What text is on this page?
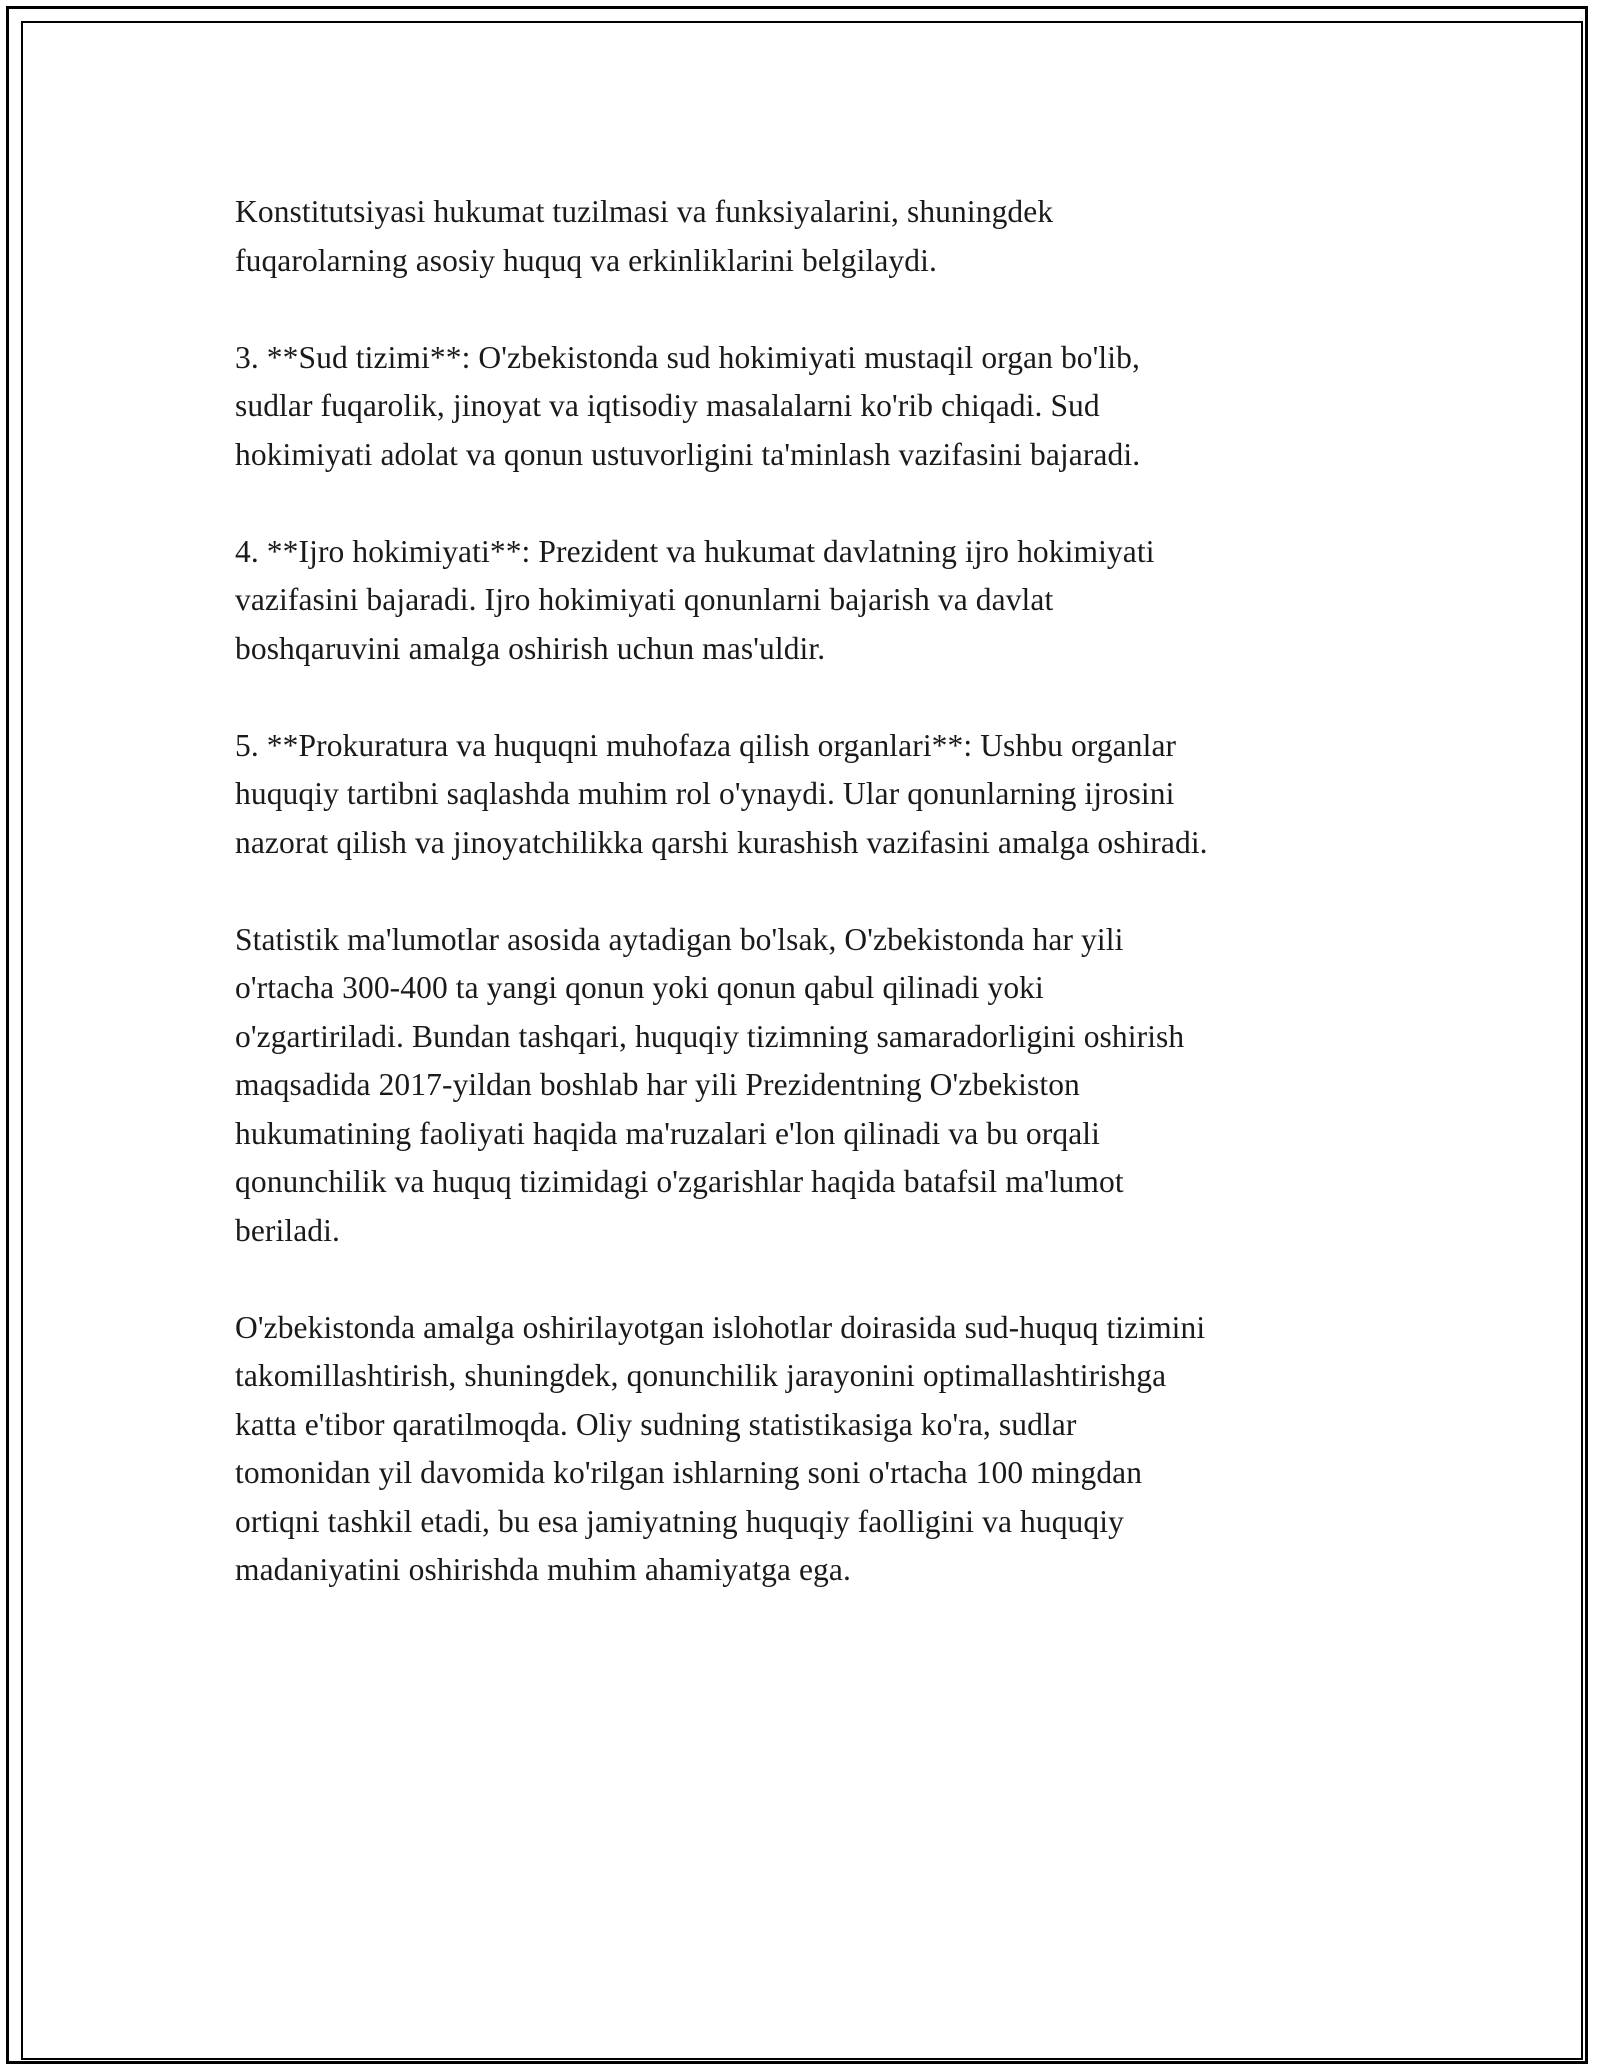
Konstitutsiyasi hukumat tuzilmasi va funksiyalarini, shuningdek
fuqarolarning asosiy huquq va erkinliklarini belgilaydi.

3. **Sud tizimi**: O'zbekistonda sud hokimiyati mustaqil organ bo'lib,
sudlar fuqarolik, jinoyat va iqtisodiy masalalarni ko'rib chiqadi. Sud
hokimiyati adolat va qonun ustuvorligini ta'minlash vazifasini bajaradi.

4. **Ijro hokimiyati**: Prezident va hukumat davlatning ijro hokimiyati
vazifasini bajaradi. Ijro hokimiyati qonunlarni bajarish va davlat
boshqaruvini amalga oshirish uchun mas'uldir.

5. **Prokuratura va huquqni muhofaza qilish organlari**: Ushbu organlar
huquqiy tartibni saqlashda muhim rol o'ynaydi. Ular qonunlarning ijrosini
nazorat qilish va jinoyatchilikka qarshi kurashish vazifasini amalga oshiradi.

Statistik ma'lumotlar asosida aytadigan bo'lsak, O'zbekistonda har yili
o'rtacha 300-400 ta yangi qonun yoki qonun qabul qilinadi yoki
o'zgartiriladi. Bundan tashqari, huquqiy tizimning samaradorligini oshirish
maqsadida 2017-yildan boshlab har yili Prezidentning O'zbekiston
hukumatining faoliyati haqida ma'ruzalari e'lon qilinadi va bu orqali
qonunchilik va huquq tizimidagi o'zgarishlar haqida batafsil ma'lumot
beriladi.

O'zbekistonda amalga oshirilayotgan islohotlar doirasida sud-huquq tizimini
takomillashtirish, shuningdek, qonunchilik jarayonini optimallashtirishga
katta e'tibor qaratilmoqda. Oliy sudning statistikasiga ko'ra, sudlar
tomonidan yil davomida ko'rilgan ishlarning soni o'rtacha 100 mingdan
ortiqni tashkil etadi, bu esa jamiyatning huquqiy faolligini va huquqiy
madaniyatini oshirishda muhim ahamiyatga ega.
